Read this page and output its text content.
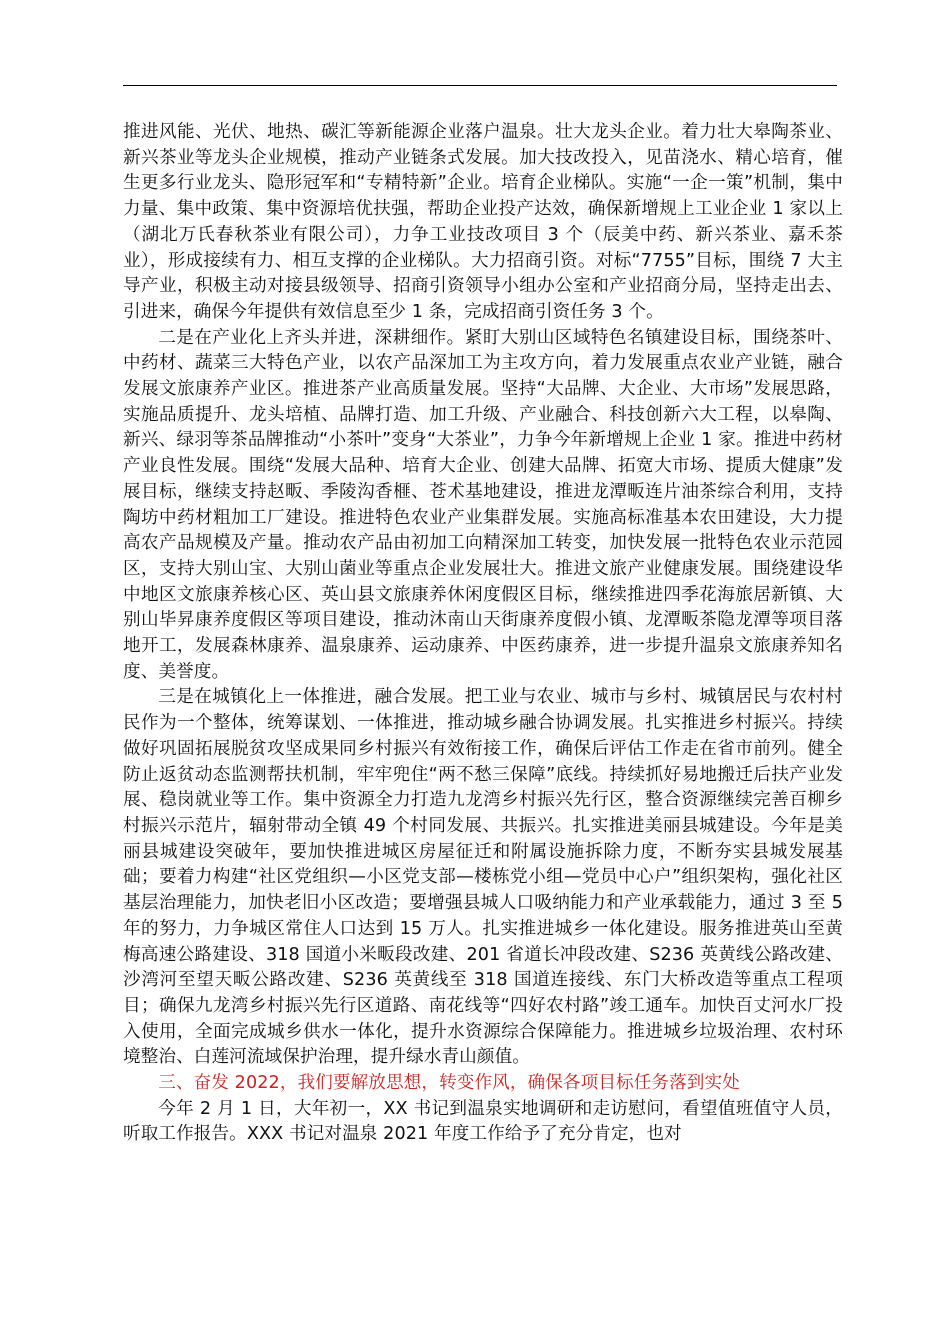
推进风能、光伏、地热、碳汇等新能源企业落户温泉。壮大龙头企业。着力壮大皋陶茶业、新兴茶业等龙头企业规模，推动产业链条式发展。加大技改投入，见苗浇水、精心培育，催生更多行业龙头、隐形冠军和“专精特新”企业。培育企业梯队。实施“一企一策”机制，集中力量、集中政策、集中资源培优扶强，帮助企业投产达效，确保新增规上工业企业 1 家以上（湖北万氏春秋茶业有限公司），力争工业技改项目 3 个（辰美中药、新兴茶业、嘉禾茶业），形成接续有力、相互支撑的企业梯队。大力招商引资。对标“7755”目标，围绕 7 大主导产业，积极主动对接县级领导、招商引资领导小组办公室和产业招商分局，坚持走出去、引进来，确保今年提供有效信息至少 1 条，完成招商引资任务 3 个。

二是在产业化上齐头并进，深耕细作。紧盯大别山区域特色名镇建设目标，围绕茶叶、中药材、蔬菜三大特色产业，以农产品深加工为主攻方向，着力发展重点农业产业链，融合发展文旅康养产业区。推进茶产业高质量发展。坚持“大品牌、大企业、大市场”发展思路，实施品质提升、龙头培植、品牌打造、加工升级、产业融合、科技创新六大工程，以皋陶、新兴、绿羽等茶品牌推动“小茶叶”变身“大茶业”，力争今年新增规上企业 1 家。推进中药材产业良性发展。围绕“发展大品种、培育大企业、创建大品牌、拓宽大市场、提质大健康”发展目标，继续支持赵畈、季陵沟香榧、苍术基地建设，推进龙潭畈连片油茶综合利用，支持陶坊中药材粗加工厂建设。推进特色农业产业集群发展。实施高标准基本农田建设，大力提高农产品规模及产量。推动农产品由初加工向精深加工转变，加快发展一批特色农业示范园区，支持大别山宝、大别山菌业等重点企业发展壮大。推进文旅产业健康发展。围绕建设华中地区文旅康养核心区、英山县文旅康养休闲度假区目标，继续推进四季花海旅居新镇、大别山毕昇康养度假区等项目建设，推动沐南山天街康养度假小镇、龙潭畈茶隐龙潭等项目落地开工，发展森林康养、温泉康养、运动康养、中医药康养，进一步提升温泉文旅康养知名度、美誉度。

三是在城镇化上一体推进，融合发展。把工业与农业、城市与乡村、城镇居民与农村村民作为一个整体，统筹谋划、一体推进，推动城乡融合协调发展。扎实推进乡村振兴。持续做好巩固拓展脱贫攻坚成果同乡村振兴有效衔接工作，确保后评估工作走在省市前列。健全防止返贫动态监测帮扶机制，牢牢兜住“两不愁三保障”底线。持续抓好易地搬迁后扶产业发展、稳岗就业等工作。集中资源全力打造九龙湾乡村振兴先行区，整合资源继续完善百柳乡村振兴示范片，辐射带动全镇 49 个村同发展、共振兴。扎实推进美丽县城建设。今年是美丽县城建设突破年，要加快推进城区房屋征迁和附属设施拆除力度，不断夯实县城发展基础；要着力构建“社区党组织—小区党支部—楼栋党小组—党员中心户”组织架构，强化社区基层治理能力，加快老旧小区改造；要增强县城人口吸纳能力和产业承载能力，通过 3 至 5 年的努力，力争城区常住人口达到 15 万人。扎实推进城乡一体化建设。服务推进英山至黄梅高速公路建设、318 国道小米畈段改建、201 省道长冲段改建、S236 英黄线公路改建、沙湾河至望天畈公路改建、S236 英黄线至 318 国道连接线、东门大桥改造等重点工程项目；确保九龙湾乡村振兴先行区道路、南花线等“四好农村路”竣工通车。加快百丈河水厂投入使用，全面完成城乡供水一体化，提升水资源综合保障能力。推进城乡垃圾治理、农村环境整治、白莲河流域保护治理，提升绿水青山颜值。

三、奋发 2022，我们要解放思想，转变作风，确保各项目标任务落到实处

今年 2 月 1 日，大年初一，XX 书记到温泉实地调研和走访慰问，看望值班值守人员，听取工作报告。XXX 书记对温泉 2021 年度工作给予了充分肯定，也对
